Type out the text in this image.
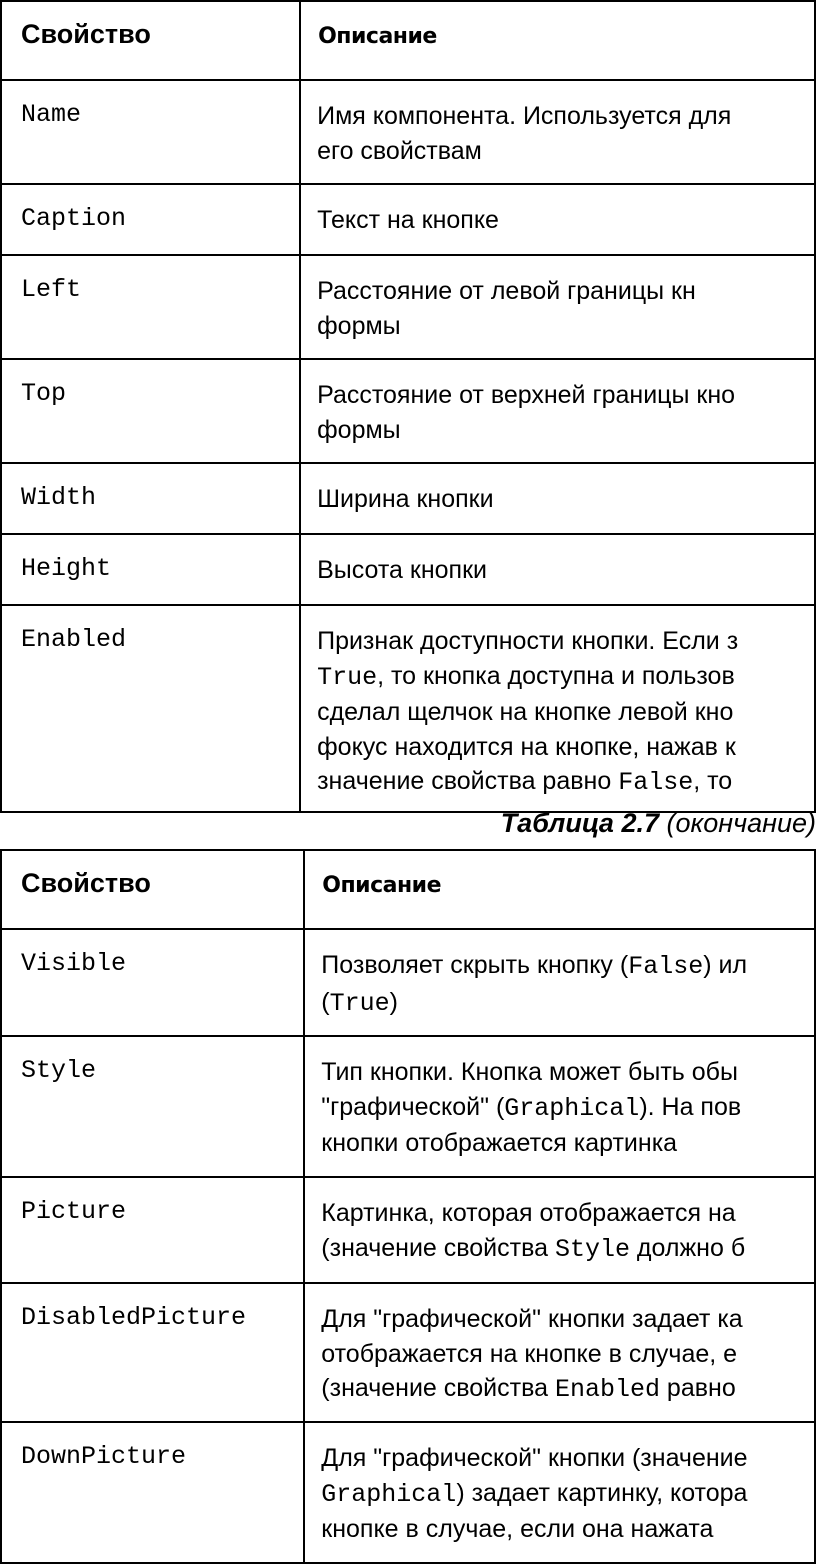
Свойство	Описание

Name	Имя компонента. Используется для
его свойствам

Caption	Текст на кнопке

Left	Расстояние от левой границы кн
формы

Top	Расстояние от верхней границы кно
формы

Width	Ширина кнопки

Height	Высота кнопки

Enabled	Признак доступности кнопки. Если з
True, то кнопка доступна и пользов
сделал щелчок на кнопке левой кно
фокус находится на кнопке, нажав к
значение свойства равно False, то
Таблица 2.7 (окончание)
Свойство	Описание

Visible	Позволяет скрыть кнопку (False) ил
(True)

Style	Тип кнопки. Кнопка может быть обы
"графической" (Graphical). На пов
кнопки отображается картинка

Picture	Картинка, которая отображается на
(значение свойства Style должно б

DisabledPicture	Для "графической" кнопки задает ка
отображается на кнопке в случае, е
(значение свойства Enabled равно

DownPicture	Для "графической" кнопки (значение
Graphical) задает картинку, котора
кнопке в случае, если она нажата
